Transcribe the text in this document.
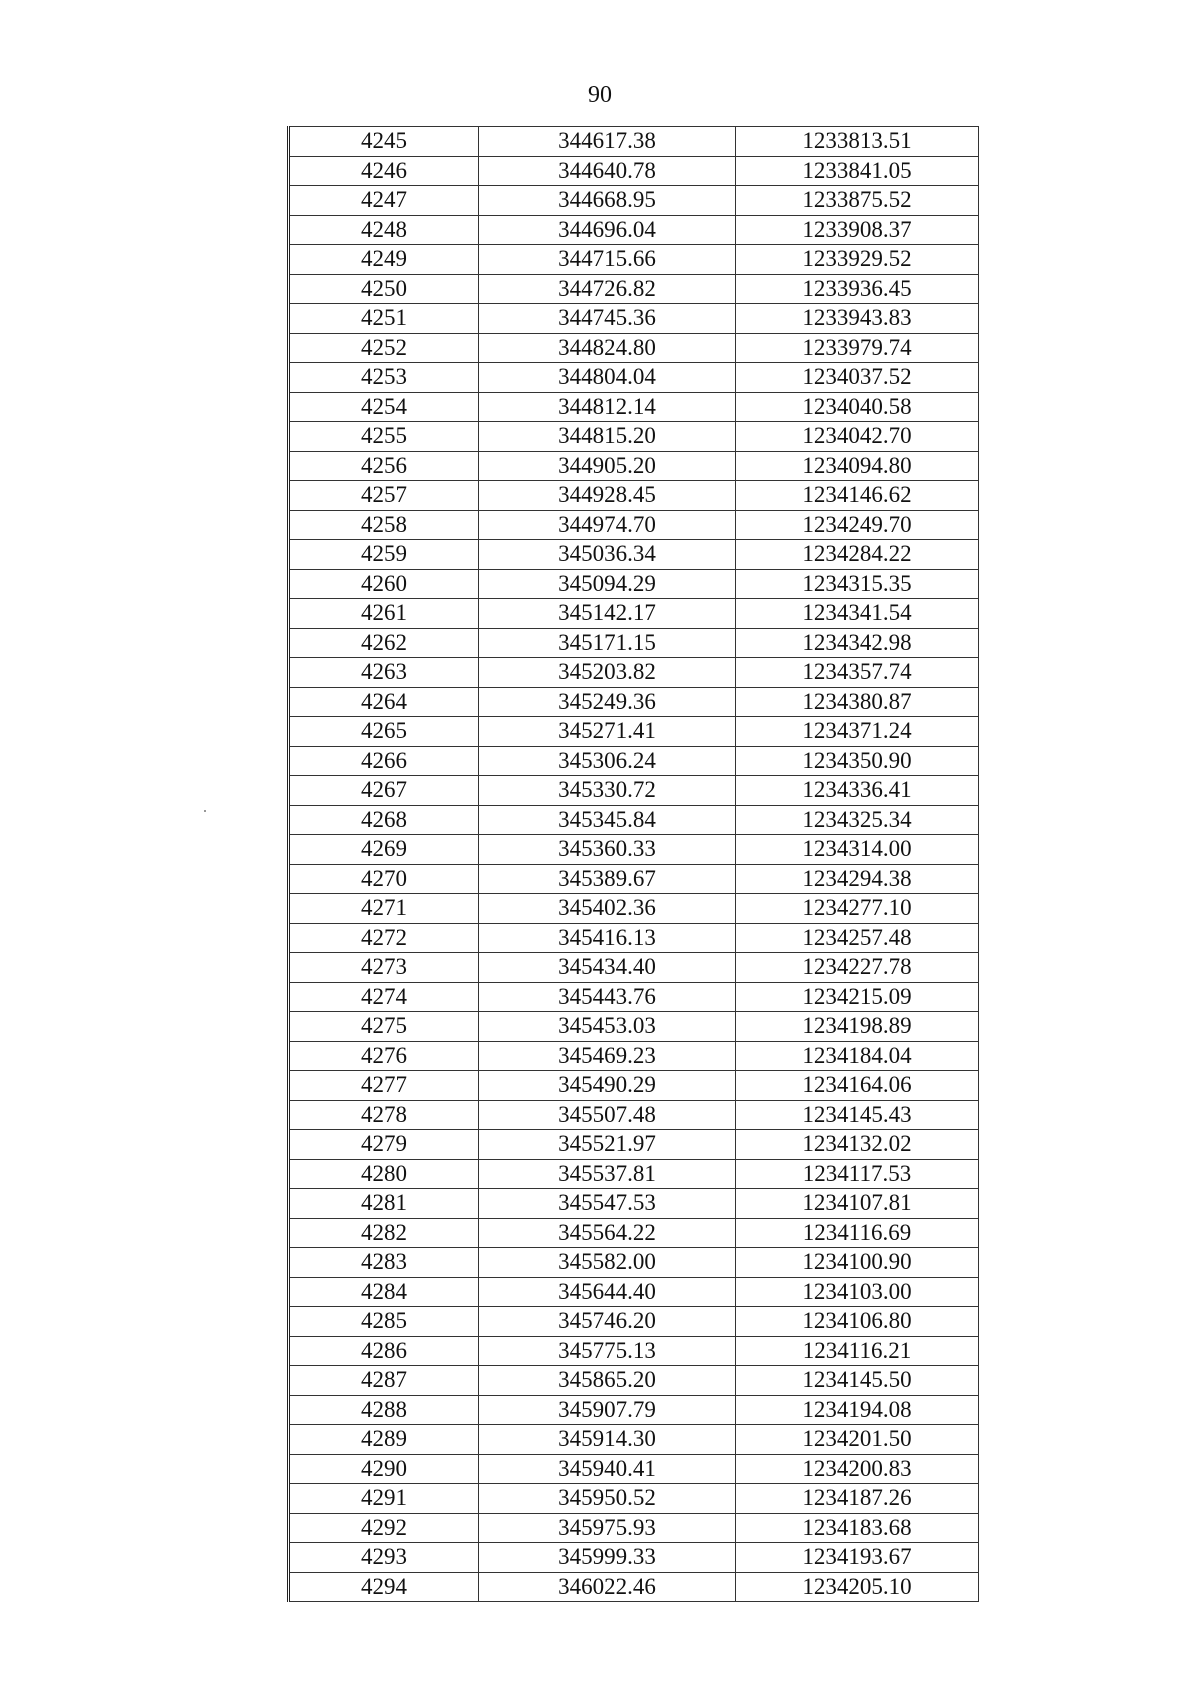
90
4245	344617.38	1233813.51
4246	344640.78	1233841.05
4247	344668.95	1233875.52
4248	344696.04	1233908.37
4249	344715.66	1233929.52
4250	344726.82	1233936.45
4251	344745.36	1233943.83
4252	344824.80	1233979.74
4253	344804.04	1234037.52
4254	344812.14	1234040.58
4255	344815.20	1234042.70
4256	344905.20	1234094.80
4257	344928.45	1234146.62
4258	344974.70	1234249.70
4259	345036.34	1234284.22
4260	345094.29	1234315.35
4261	345142.17	1234341.54
4262	345171.15	1234342.98
4263	345203.82	1234357.74
4264	345249.36	1234380.87
4265	345271.41	1234371.24
4266	345306.24	1234350.90
4267	345330.72	1234336.41
4268	345345.84	1234325.34
4269	345360.33	1234314.00
4270	345389.67	1234294.38
4271	345402.36	1234277.10
4272	345416.13	1234257.48
4273	345434.40	1234227.78
4274	345443.76	1234215.09
4275	345453.03	1234198.89
4276	345469.23	1234184.04
4277	345490.29	1234164.06
4278	345507.48	1234145.43
4279	345521.97	1234132.02
4280	345537.81	1234117.53
4281	345547.53	1234107.81
4282	345564.22	1234116.69
4283	345582.00	1234100.90
4284	345644.40	1234103.00
4285	345746.20	1234106.80
4286	345775.13	1234116.21
4287	345865.20	1234145.50
4288	345907.79	1234194.08
4289	345914.30	1234201.50
4290	345940.41	1234200.83
4291	345950.52	1234187.26
4292	345975.93	1234183.68
4293	345999.33	1234193.67
4294	346022.46	1234205.10
